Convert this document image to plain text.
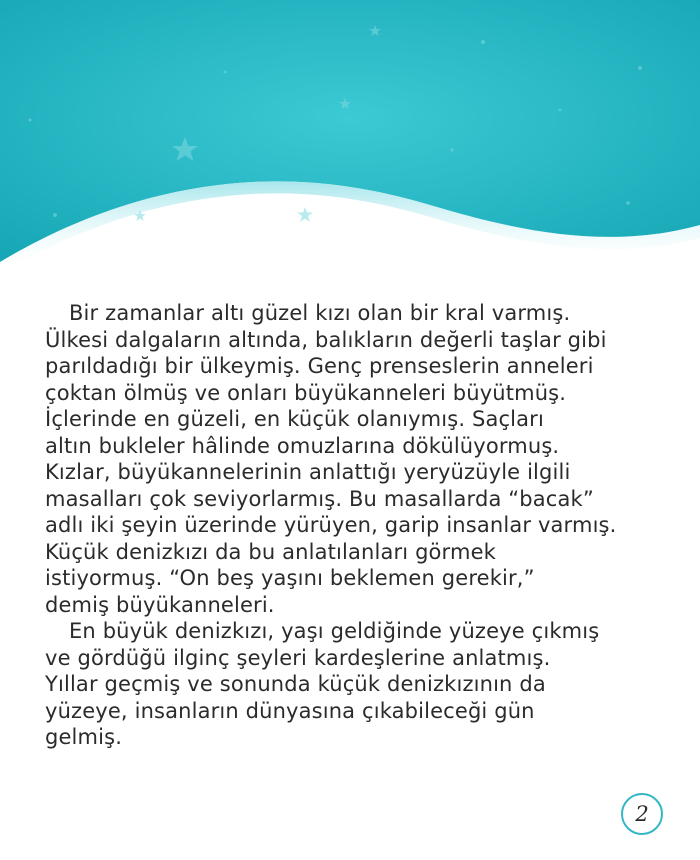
Bir zamanlar altı güzel kızı olan bir kral varmış.
Ülkesi dalgaların altında, balıkların değerli taşlar gibi
parıldadığı bir ülkeymiş. Genç prenseslerin anneleri
çoktan ölmüş ve onları büyükanneleri büyütmüş.
İçlerinde en güzeli, en küçük olanıymış. Saçları
altın bukleler hâlinde omuzlarına dökülüyormuş.
Kızlar, büyükannelerinin anlattığı yeryüzüyle ilgili
masalları çok seviyorlarmış. Bu masallarda “bacak”
adlı iki şeyin üzerinde yürüyen, garip insanlar varmış.
Küçük denizkızı da bu anlatılanları görmek
istiyormuş. “On beş yaşını beklemen gerekir,”
demiş büyükanneleri.
En büyük denizkızı, yaşı geldiğinde yüzeye çıkmış
ve gördüğü ilginç şeyleri kardeşlerine anlatmış.
Yıllar geçmiş ve sonunda küçük denizkızının da
yüzeye, insanların dünyasına çıkabileceği gün
gelmiş.
2
